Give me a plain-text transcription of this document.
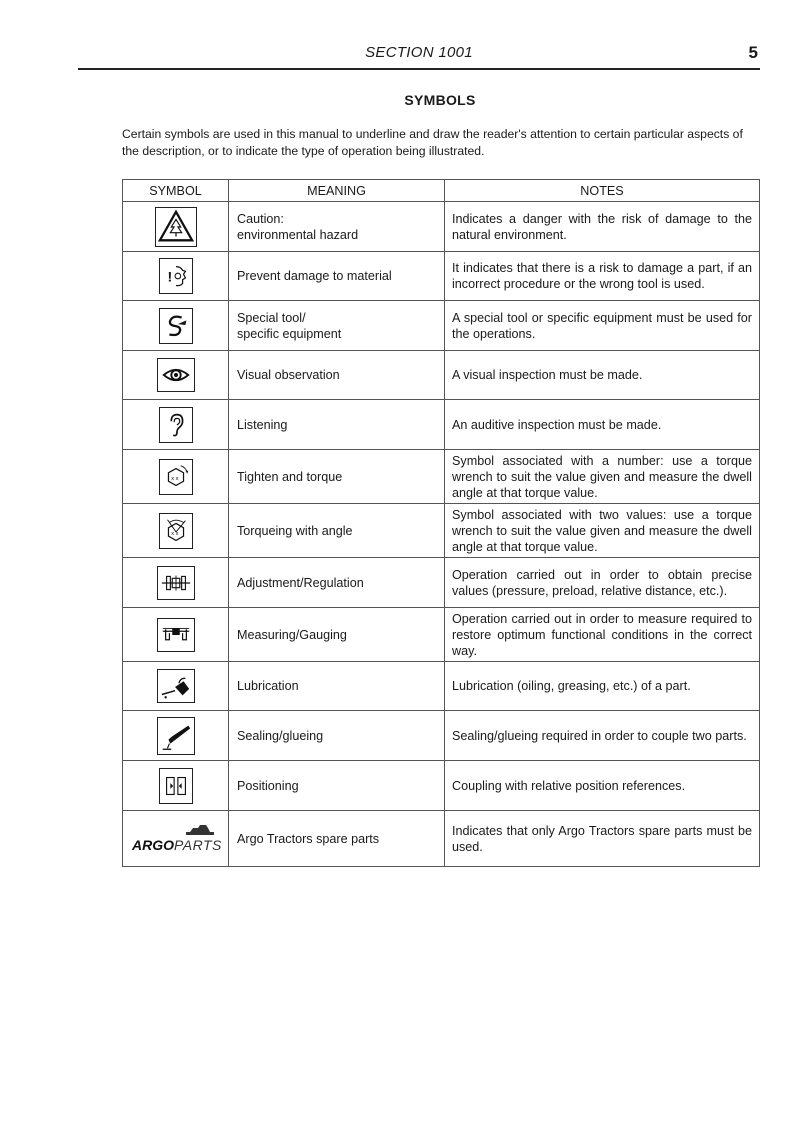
SECTION 1001	5
SYMBOLS
Certain symbols are used in this manual to underline and draw the reader's attention to certain particular aspects of the description, or to indicate the type of operation being illustrated.
SYMBOL	MEANING	NOTES

Caution:
environmental hazard	Indicates a danger with the risk of damage to the natural environment.

!	Prevent damage to material	It indicates that there is a risk to damage a part, if an incorrect procedure or the wrong tool is used.

Special tool/
specific equipment	A special tool or specific equipment must be used for the operations.

Visual observation	A visual inspection must be made.

Listening	An auditive inspection must be made.

x x	Tighten and torque	Symbol associated with a number: use a torque wrench to suit the value given and measure the dwell angle at that torque value.

x x	Torqueing with angle	Symbol associated with two values: use a torque wrench to suit the value given and measure the dwell angle at that torque value.

Adjustment/Regulation	Operation carried out in order to obtain precise values (pressure, preload, relative distance, etc.).

Measuring/Gauging	Operation carried out in order to measure required to restore optimum functional conditions in the correct way.

Lubrication	Lubrication (oiling, greasing, etc.) of a part.

Sealing/glueing	Sealing/glueing required in order to couple two parts.

Positioning	Coupling with relative position references.

ARGO PARTS	Argo Tractors spare parts	Indicates that only Argo Tractors spare parts must be used.
